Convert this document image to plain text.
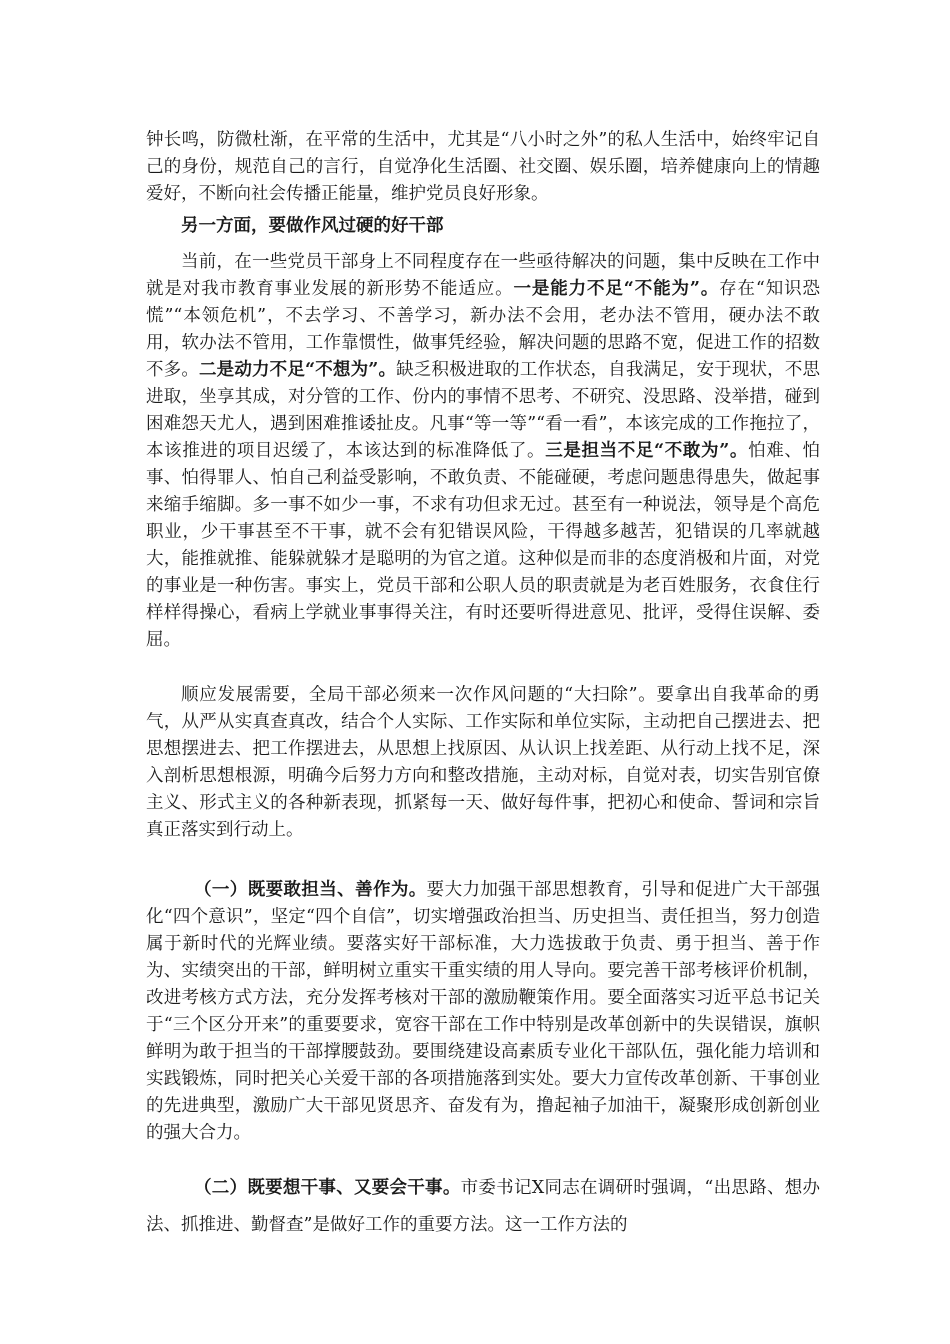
钟长鸣，防微杜渐，在平常的生活中，尤其是“八小时之外”的私人生活中，始终牢记自己的身份，规范自己的言行，自觉净化生活圈、社交圈、娱乐圈，培养健康向上的情趣爱好，不断向社会传播正能量，维护党员良好形象。

另一方面，要做作风过硬的好干部

当前，在一些党员干部身上不同程度存在一些亟待解决的问题，集中反映在工作中就是对我市教育事业发展的新形势不能适应。一是能力不足“不能为”。存在“知识恐慌”“本领危机”，不去学习、不善学习，新办法不会用，老办法不管用，硬办法不敢用，软办法不管用，工作靠惯性，做事凭经验，解决问题的思路不宽，促进工作的招数不多。二是动力不足“不想为”。缺乏积极进取的工作状态，自我满足，安于现状，不思进取，坐享其成，对分管的工作、份内的事情不思考、不研究、没思路、没举措，碰到困难怨天尤人，遇到困难推诿扯皮。凡事“等一等”“看一看”，本该完成的工作拖拉了，本该推进的项目迟缓了，本该达到的标准降低了。三是担当不足“不敢为”。怕难、怕事、怕得罪人、怕自己利益受影响，不敢负责、不能碰硬，考虑问题患得患失，做起事来缩手缩脚。多一事不如少一事，不求有功但求无过。甚至有一种说法，领导是个高危职业，少干事甚至不干事，就不会有犯错误风险，干得越多越苦，犯错误的几率就越大，能推就推、能躲就躲才是聪明的为官之道。这种似是而非的态度消极和片面，对党的事业是一种伤害。事实上，党员干部和公职人员的职责就是为老百姓服务，衣食住行样样得操心，看病上学就业事事得关注，有时还要听得进意见、批评，受得住误解、委屈。

顺应发展需要，全局干部必须来一次作风问题的“大扫除”。要拿出自我革命的勇气，从严从实真查真改，结合个人实际、工作实际和单位实际，主动把自己摆进去、把思想摆进去、把工作摆进去，从思想上找原因、从认识上找差距、从行动上找不足，深入剖析思想根源，明确今后努力方向和整改措施，主动对标，自觉对表，切实告别官僚主义、形式主义的各种新表现，抓紧每一天、做好每件事，把初心和使命、誓词和宗旨真正落实到行动上。

（一）既要敢担当、善作为。要大力加强干部思想教育，引导和促进广大干部强化“四个意识”，坚定“四个自信”，切实增强政治担当、历史担当、责任担当，努力创造属于新时代的光辉业绩。要落实好干部标准，大力选拔敢于负责、勇于担当、善于作为、实绩突出的干部，鲜明树立重实干重实绩的用人导向。要完善干部考核评价机制，改进考核方式方法，充分发挥考核对干部的激励鞭策作用。要全面落实习近平总书记关于“三个区分开来”的重要要求，宽容干部在工作中特别是改革创新中的失误错误，旗帜鲜明为敢于担当的干部撑腰鼓劲。要围绕建设高素质专业化干部队伍，强化能力培训和实践锻炼，同时把关心关爱干部的各项措施落到实处。要大力宣传改革创新、干事创业的先进典型，激励广大干部见贤思齐、奋发有为，撸起袖子加油干，凝聚形成创新创业的强大合力。

（二）既要想干事、又要会干事。市委书记X同志在调研时强调，“出思路、想办法、抓推进、勤督查”是做好工作的重要方法。这一工作方法的
